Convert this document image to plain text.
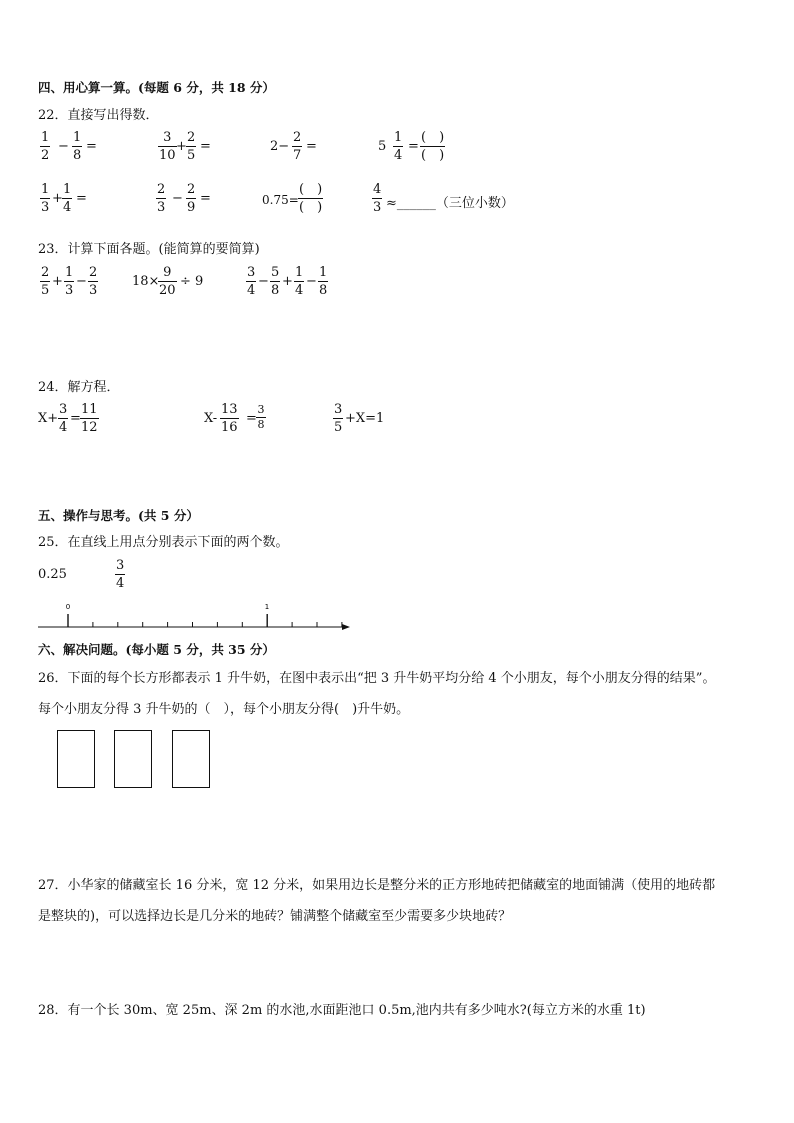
四、用心算一算。(每题 6 分，共 18 分）
22．直接写出得数．
1
2
−
1
8
=
3
10
+
2
5
=	2−
2
7
=	5
1
4
=
(　)
(　)
1
3
+
1
4
=
2
3
−
2
9
=	0.75=
(　)
(　)
4
3 ≈______（三位小数）
23．计算下面各题。(能简算的要简算)
2
5
+
1
3
−
2
3
18×
9
20
÷ 9
3
4
−
5
8
+
1
4
−
1
8
24．解方程．
X+
3
4
=
11
12
X-
13
16
=
3
8
3
5
+X=1
五、操作与思考。(共 5 分）
25．在直线上用点分别表示下面的两个数。
0.25
3
4
0	1
六、解决问题。(每小题 5 分，共 35 分）
26．下面的每个长方形都表示 1 升牛奶，在图中表示出“把 3 升牛奶平均分给 4 个小朋友，每个小朋友分得的结果”。
每个小朋友分得 3 升牛奶的（　），每个小朋友分得(　)升牛奶。
27．小华家的储藏室长 16 分米，宽 12 分米，如果用边长是整分米的正方形地砖把储藏室的地面铺满（使用的地砖都
是整块的)，可以选择边长是几分米的地砖？铺满整个储藏室至少需要多少块地砖？
28．有一个长 30m、宽 25m、深 2m 的水池,水面距池口 0.5m,池内共有多少吨水?(每立方米的水重 1t)
